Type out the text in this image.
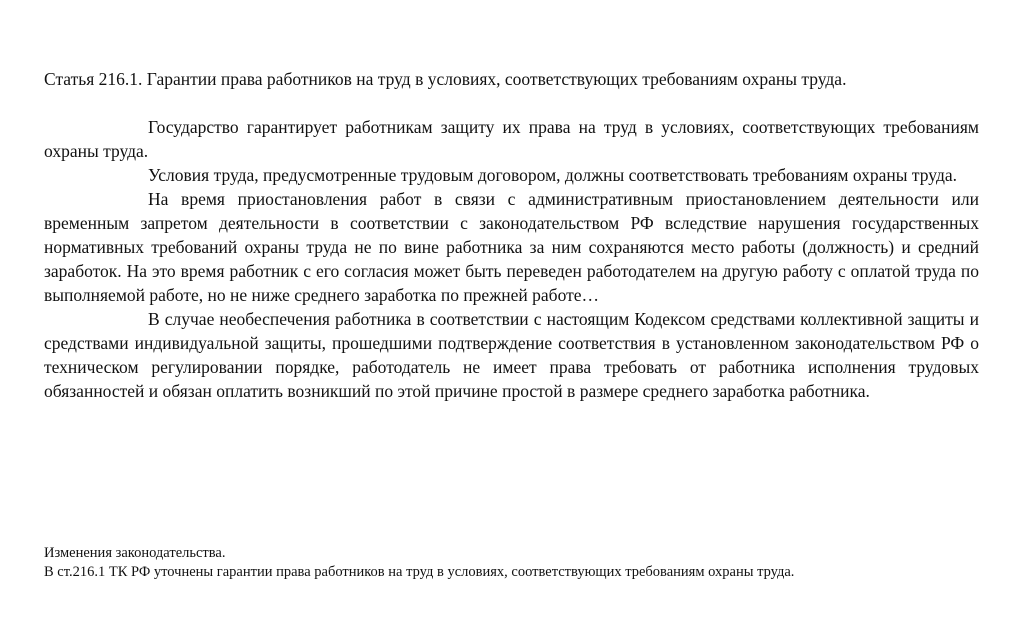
Статья 216.1. Гарантии права работников на труд в условиях, соответствующих требованиям охраны труда.

Государство гарантирует работникам защиту их права на труд в условиях, соответствующих требованиям охраны труда.

Условия труда, предусмотренные трудовым договором, должны соответствовать требованиям охраны труда.

На время приостановления работ в связи с административным приостановлением деятельности или временным запретом деятельности в соответствии с законодательством РФ вследствие нарушения государственных нормативных требований охраны труда не по вине работника за ним сохраняются место работы (должность) и средний заработок. На это время работник с его согласия может быть переведен работодателем на другую работу с оплатой труда по выполняемой работе, но не ниже среднего заработка по прежней работе…

В случае необеспечения работника в соответствии с настоящим Кодексом средствами коллективной защиты и средствами индивидуальной защиты, прошедшими подтверждение соответствия в установленном законодательством РФ о техническом регулировании порядке, работодатель не имеет права требовать от работника исполнения трудовых обязанностей и обязан оплатить возникший по этой причине простой в размере среднего заработка работника.

Изменения законодательства.
В ст.216.1 ТК РФ уточнены гарантии права работников на труд в условиях, соответствующих требованиям охраны труда.
